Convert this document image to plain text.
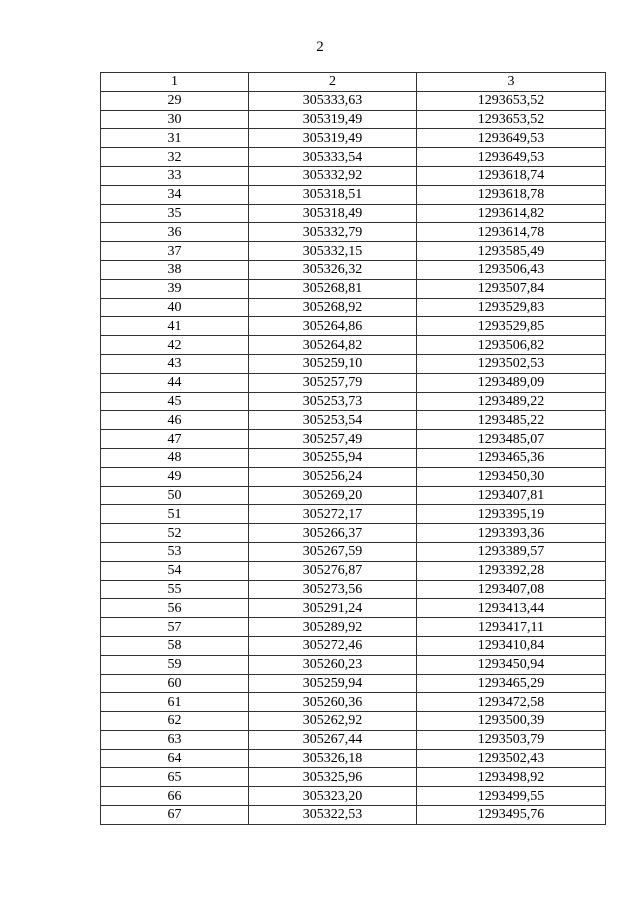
2
1	2	3
29	305333,63	1293653,52
30	305319,49	1293653,52
31	305319,49	1293649,53
32	305333,54	1293649,53
33	305332,92	1293618,74
34	305318,51	1293618,78
35	305318,49	1293614,82
36	305332,79	1293614,78
37	305332,15	1293585,49
38	305326,32	1293506,43
39	305268,81	1293507,84
40	305268,92	1293529,83
41	305264,86	1293529,85
42	305264,82	1293506,82
43	305259,10	1293502,53
44	305257,79	1293489,09
45	305253,73	1293489,22
46	305253,54	1293485,22
47	305257,49	1293485,07
48	305255,94	1293465,36
49	305256,24	1293450,30
50	305269,20	1293407,81
51	305272,17	1293395,19
52	305266,37	1293393,36
53	305267,59	1293389,57
54	305276,87	1293392,28
55	305273,56	1293407,08
56	305291,24	1293413,44
57	305289,92	1293417,11
58	305272,46	1293410,84
59	305260,23	1293450,94
60	305259,94	1293465,29
61	305260,36	1293472,58
62	305262,92	1293500,39
63	305267,44	1293503,79
64	305326,18	1293502,43
65	305325,96	1293498,92
66	305323,20	1293499,55
67	305322,53	1293495,76
